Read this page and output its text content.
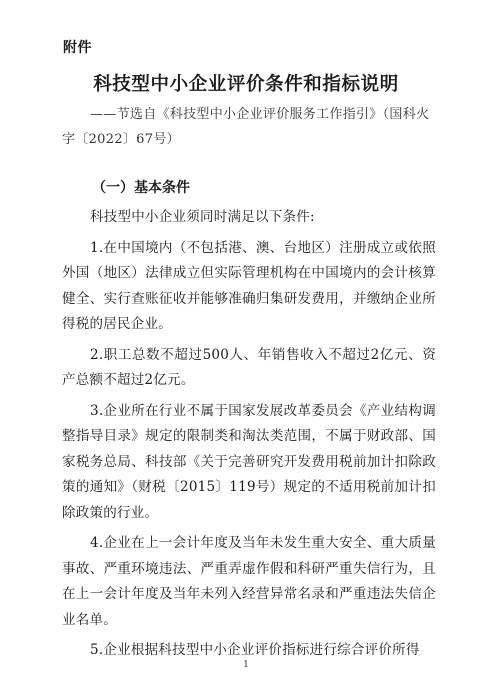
附件
科技型中小企业评价条件和指标说明
——节选自《科技型中小企业评价服务工作指引》（国科火字〔2022〕67号）
（一）基本条件

科技型中小企业须同时满足以下条件:

1.在中国境内（不包括港、澳、台地区）注册成立或依照外国（地区）法律成立但实际管理机构在中国境内的会计核算健全、实行查账征收并能够准确归集研发费用，并缴纳企业所得税的居民企业。

2.职工总数不超过500人、年销售收入不超过2亿元、资产总额不超过2亿元。

3.企业所在行业不属于国家发展改革委员会《产业结构调整指导目录》规定的限制类和淘汰类范围，不属于财政部、国家税务总局、科技部《关于完善研究开发费用税前加计扣除政策的通知》（财税〔2015〕119号）规定的不适用税前加计扣除政策的行业。

4.企业在上一会计年度及当年未发生重大安全、重大质量事故、严重环境违法、严重弄虚作假和科研严重失信行为，且在上一会计年度及当年未列入经营异常名录和严重违法失信企业名单。

5.企业根据科技型中小企业评价指标进行综合评价所得

1
